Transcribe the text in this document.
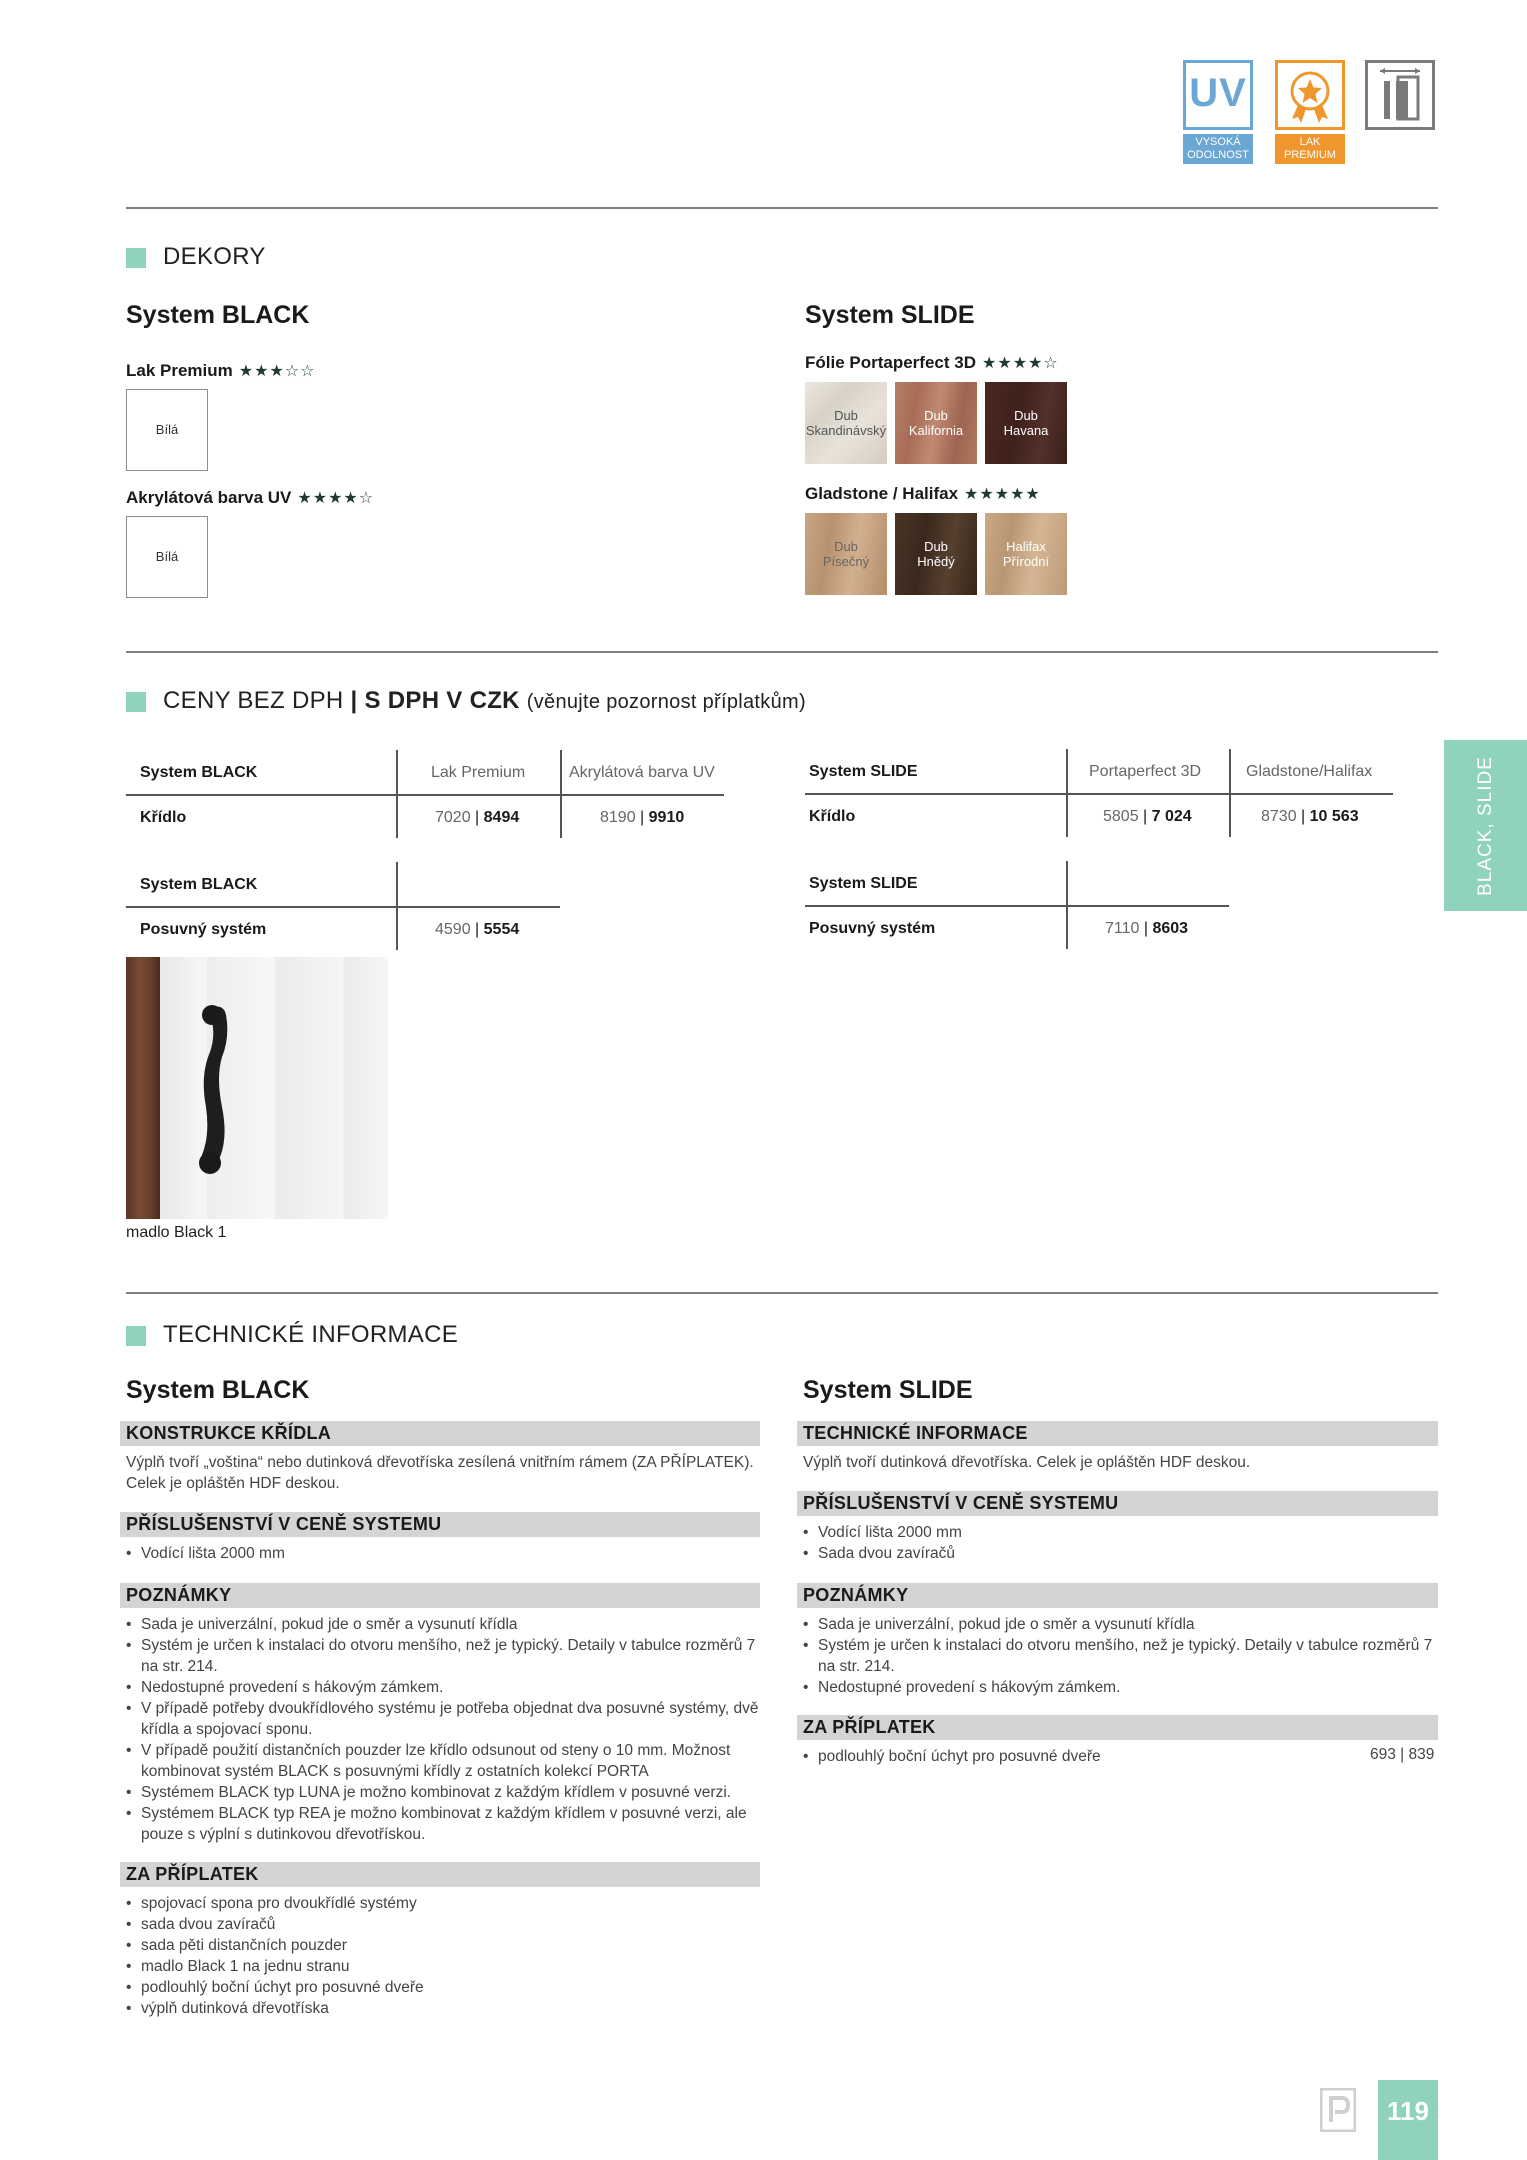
UV
VYSOKÁ ODOLNOST
LAK PREMIUM
DEKORY
System BLACK
Lak Premium ★★★☆☆
Bílá
Akrylátová barva UV ★★★★☆
Bílá
System SLIDE
Fólie Portaperfect 3D ★★★★☆
Dub
Skandinávský
Dub
Kalifornia
Dub
Havana
Gladstone / Halifax ★★★★★
Dub
Písečný
Dub
Hnědý
Halifax
Přírodní
CENY BEZ DPH | S DPH V CZK (věnujte pozornost příplatkům)
System BLACK	Lak Premium	Akrylátová barva UV
Křídlo	7020 | 8494	8190 | 9910
System BLACK
Posuvný systém	4590 | 5554
System SLIDE	Portaperfect 3D	Gladstone/Halifax
Křídlo	5805 | 7 024	8730 | 10 563
System SLIDE
Posuvný systém	7110 | 8603
madlo Black 1
TECHNICKÉ INFORMACE
System BLACK
KONSTRUKCE KŘÍDLA
Výplň tvoří „voština“ nebo dutinková dřevotříska zesílená vnitřním rámem (ZA PŘÍPLATEK).
Celek je opláštěn HDF deskou.
PŘÍSLUŠENSTVÍ V CENĚ SYSTEMU
• Vodící lišta 2000 mm
POZNÁMKY
• Sada je univerzální, pokud jde o směr a vysunutí křídla
• Systém je určen k instalaci do otvoru menšího, než je typický. Detaily v tabulce rozměrů 7 na str. 214.
• Nedostupné provedení s hákovým zámkem.
• V případě potřeby dvoukřídlového systému je potřeba objednat dva posuvné systémy, dvě křídla a spojovací sponu.
• V případě použití distančních pouzder lze křídlo odsunout od steny o 10 mm. Možnost kombinovat systém BLACK s posuvnými křídly z ostatních kolekcí PORTA
• Systémem BLACK typ LUNA je možno kombinovat z každým křídlem v posuvné verzi.
• Systémem BLACK typ REA je možno kombinovat z každým křídlem v posuvné verzi, ale pouze s výplní s dutinkovou dřevotřískou.
ZA PŘÍPLATEK
• spojovací spona pro dvoukřídlé systémy
• sada dvou zavíračů
• sada pěti distančních pouzder
• madlo Black 1 na jednu stranu
• podlouhlý boční úchyt pro posuvné dveře
• výplň dutinková dřevotříska
System SLIDE
TECHNICKÉ INFORMACE
Výplň tvoří dutinková dřevotříska. Celek je opláštěn HDF deskou.
PŘÍSLUŠENSTVÍ V CENĚ SYSTEMU
• Vodící lišta 2000 mm
• Sada dvou zavíračů
POZNÁMKY
• Sada je univerzální, pokud jde o směr a vysunutí křídla
• Systém je určen k instalaci do otvoru menšího, než je typický. Detaily v tabulce rozměrů 7 na str. 214.
• Nedostupné provedení s hákovým zámkem.
ZA PŘÍPLATEK
• podlouhlý boční úchyt pro posuvné dveře	693 | 839
BLACK, SLIDE
119
